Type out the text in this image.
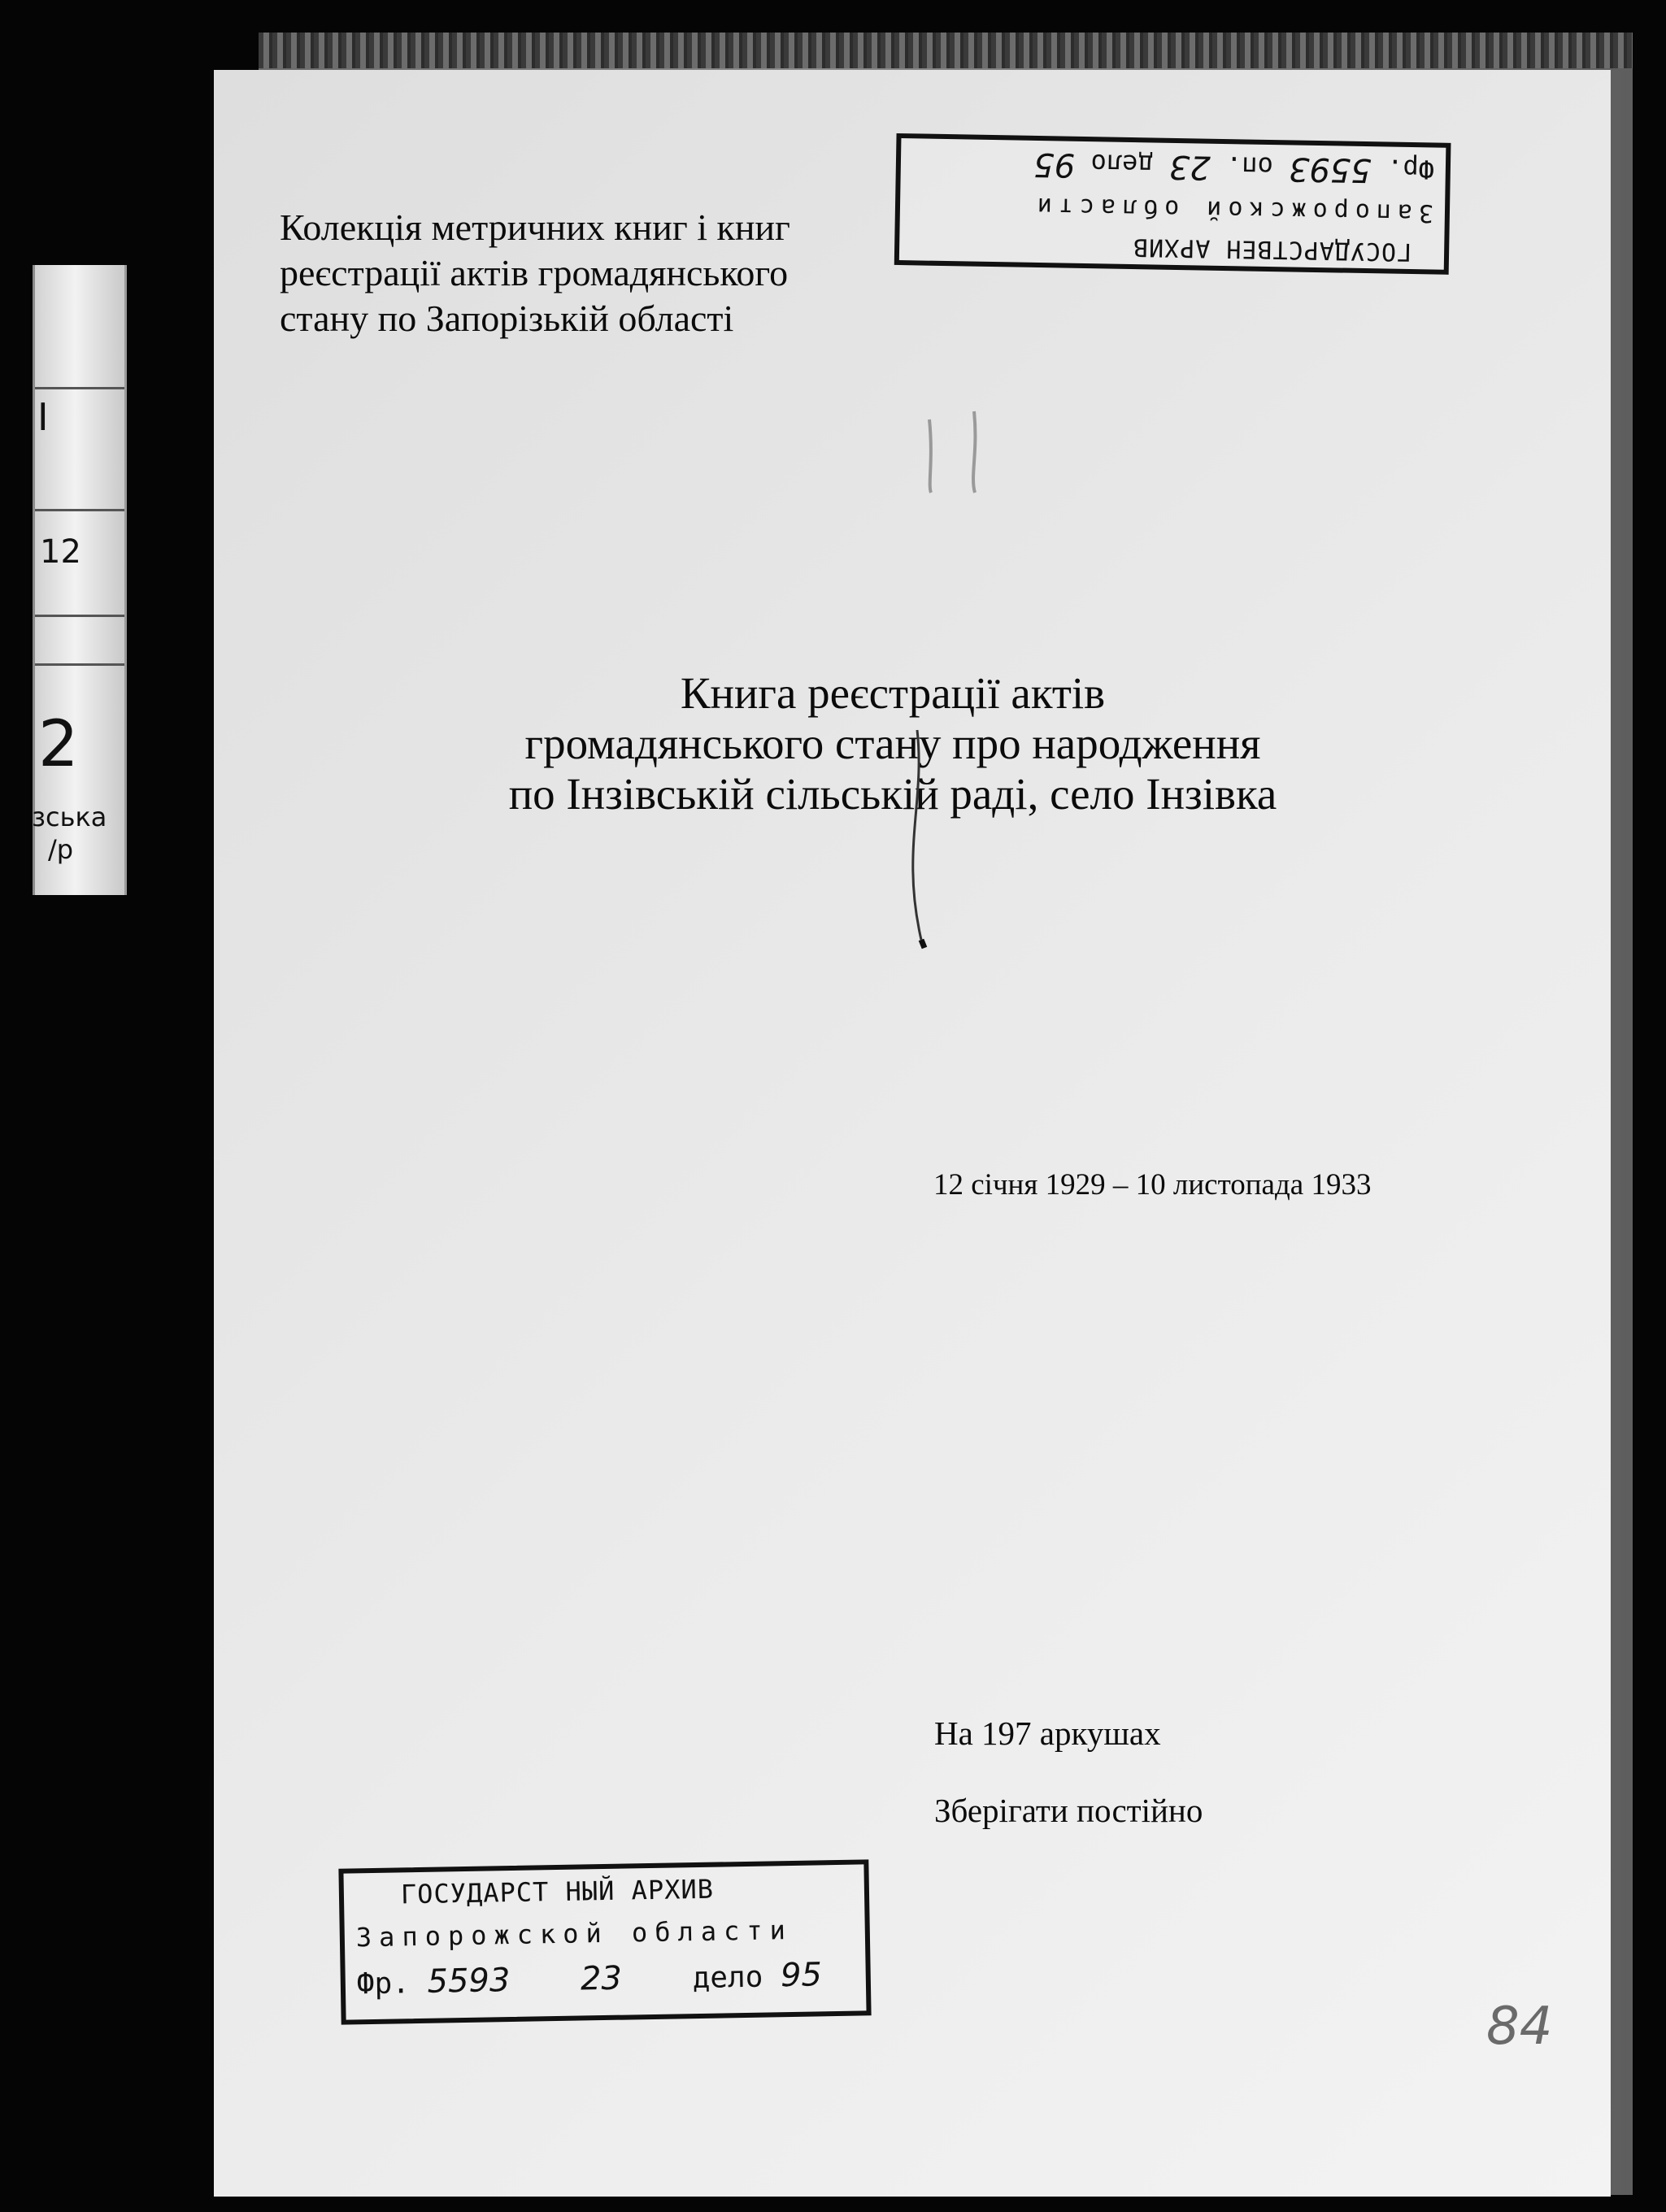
I
12
2
зська
/р
ГОСУДАРСТВЕН АРХИВ
Запорожской области
Фр. 5593 оп. 23 дело 95
Колекція метричних книг і книг реєстрації актів громадянського стану по Запорізькій області
Книга реєстрації актів
громадянського стану про народження
по Інзівській сільській раді, село Інзівка
12 січня 1929 – 10 листопада 1933
На 197 аркушах
Зберігати постійно
ГОСУДАРСТ НЫЙ АРХИВ
Запорожской области
Фр. 5593 23 дело 95
84
